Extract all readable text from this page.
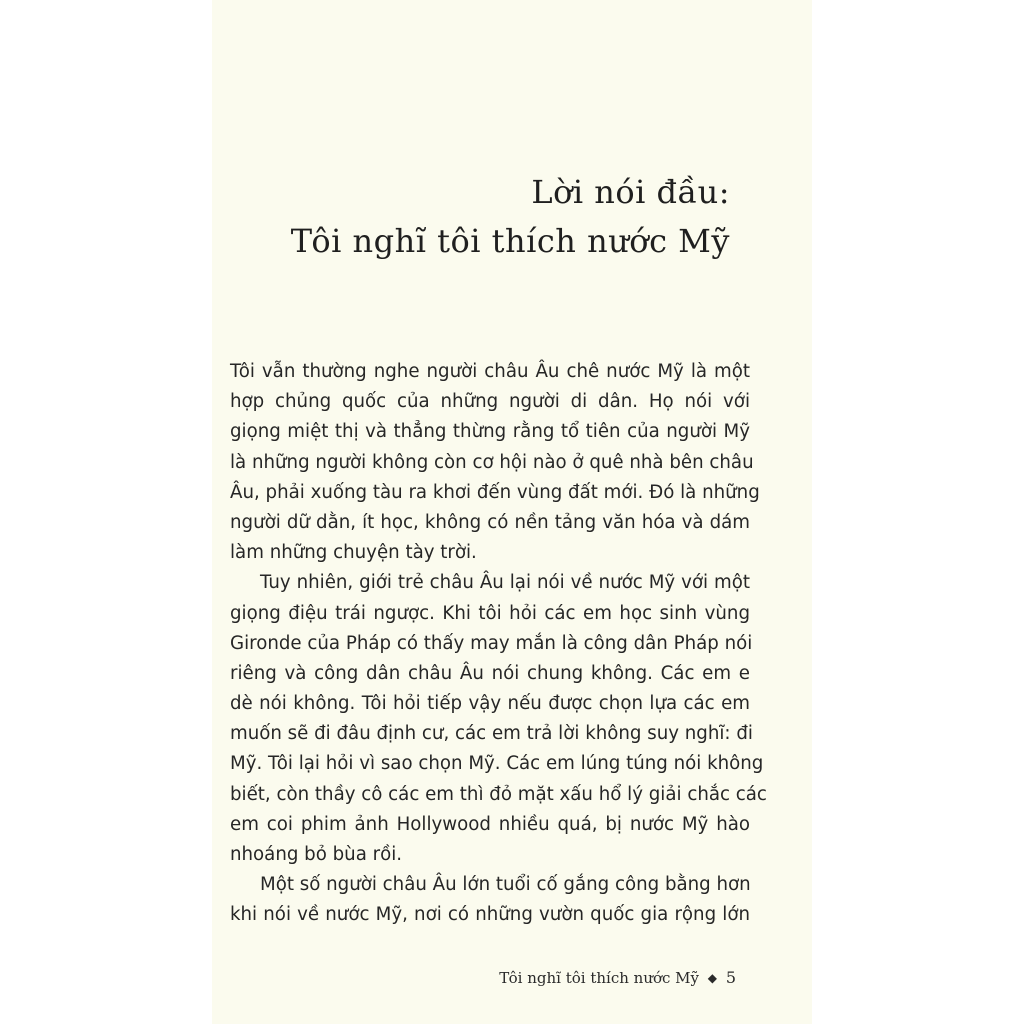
Lời nói đầu:
Tôi nghĩ tôi thích nước Mỹ
Tôi vẫn thường nghe người châu Âu chê nước Mỹ là một
hợp chủng quốc của những người di dân. Họ nói với
giọng miệt thị và thẳng thừng rằng tổ tiên của người Mỹ
là những người không còn cơ hội nào ở quê nhà bên châu
Âu, phải xuống tàu ra khơi đến vùng đất mới. Đó là những
người dữ dằn, ít học, không có nền tảng văn hóa và dám
làm những chuyện tày trời.
Tuy nhiên, giới trẻ châu Âu lại nói về nước Mỹ với một
giọng điệu trái ngược. Khi tôi hỏi các em học sinh vùng
Gironde của Pháp có thấy may mắn là công dân Pháp nói
riêng và công dân châu Âu nói chung không. Các em e
dè nói không. Tôi hỏi tiếp vậy nếu được chọn lựa các em
muốn sẽ đi đâu định cư, các em trả lời không suy nghĩ: đi
Mỹ. Tôi lại hỏi vì sao chọn Mỹ. Các em lúng túng nói không
biết, còn thầy cô các em thì đỏ mặt xấu hổ lý giải chắc các
em coi phim ảnh Hollywood nhiều quá, bị nước Mỹ hào
nhoáng bỏ bùa rồi.
Một số người châu Âu lớn tuổi cố gắng công bằng hơn
khi nói về nước Mỹ, nơi có những vườn quốc gia rộng lớn
Tôi nghĩ tôi thích nước Mỹ ◆ 5
